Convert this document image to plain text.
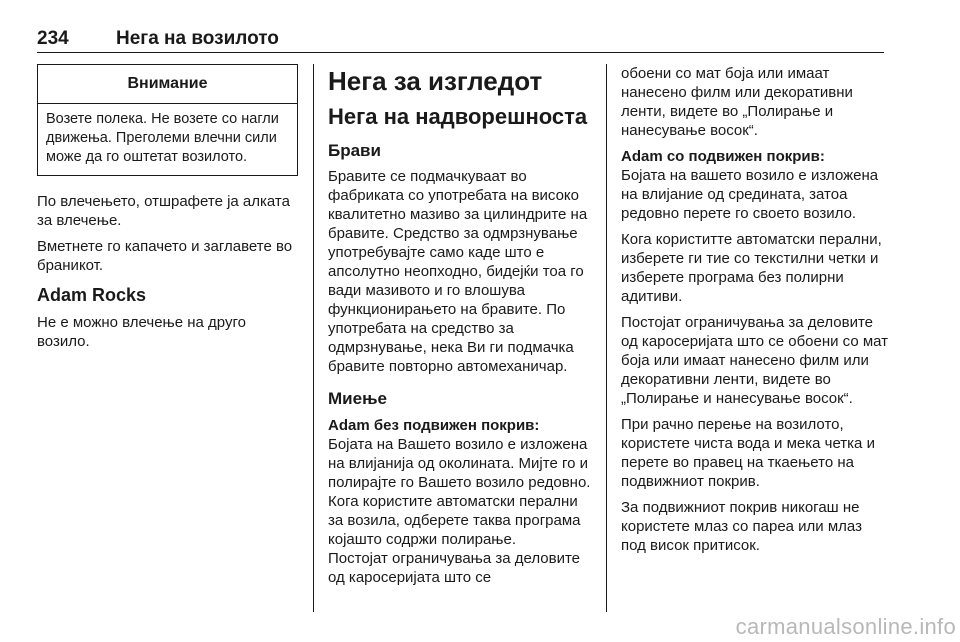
234 Нега на возилото
Внимание
Возете полека. Не возете со нагли движења. Преголеми влечни сили може да го оштетат возилото.

По влечењето, отшрафете ја алката за влечење.

Вметнете го капачето и заглавете во браникот.

Adam Rocks

Не е можно влечење на друго возило.

Нега за изгледот
Нега на надворешноста

Брави

Бравите се подмачкуваат во фабриката со употребата на високо квалитетно мазиво за цилиндрите на бравите. Средство за одмрзнување употребувајте само каде што е апсолутно неопходно, бидејќи тоа го вади мазивото и го влошува функционирањето на бравите. По употребата на средство за одмрзнување, нека Ви ги подмачка бравите повторно автомеханичар.

Миење

Adam без подвижен покрив:
Бојата на Вашето возило е изложена на влијанија од околината. Мијте го и полирајте го Вашето возило редовно. Кога користите автоматски перални за возила, одберете таква програма којашто содржи полирање.
Постојат ограничувања за деловите од каросеријата што се

обоени со мат боја или имаат нанесено филм или декоративни ленти, видете во „Полирање и нанесување восок“.

Adam со подвижен покрив:
Бојата на вашето возило е изложена на влијание од срединатa, затоа редовно перете го своето возило.

Кога користитте автоматски перални, изберете ги тие со текстилни четки и изберете програма без полирни адитиви.

Постојат ограничувања за деловите од каросеријата што се обоени со мат боја или имаат нанесено филм или декоративни ленти, видете во „Полирање и нанесување восок“.

При рачно перење на возилото, користете чиста вода и мека четка и перете во правец на ткаењето на подвижниот покрив.

За подвижниот покрив никогаш не користете млаз со пареа или млаз под висок притисок.

carmanualsonline.info
